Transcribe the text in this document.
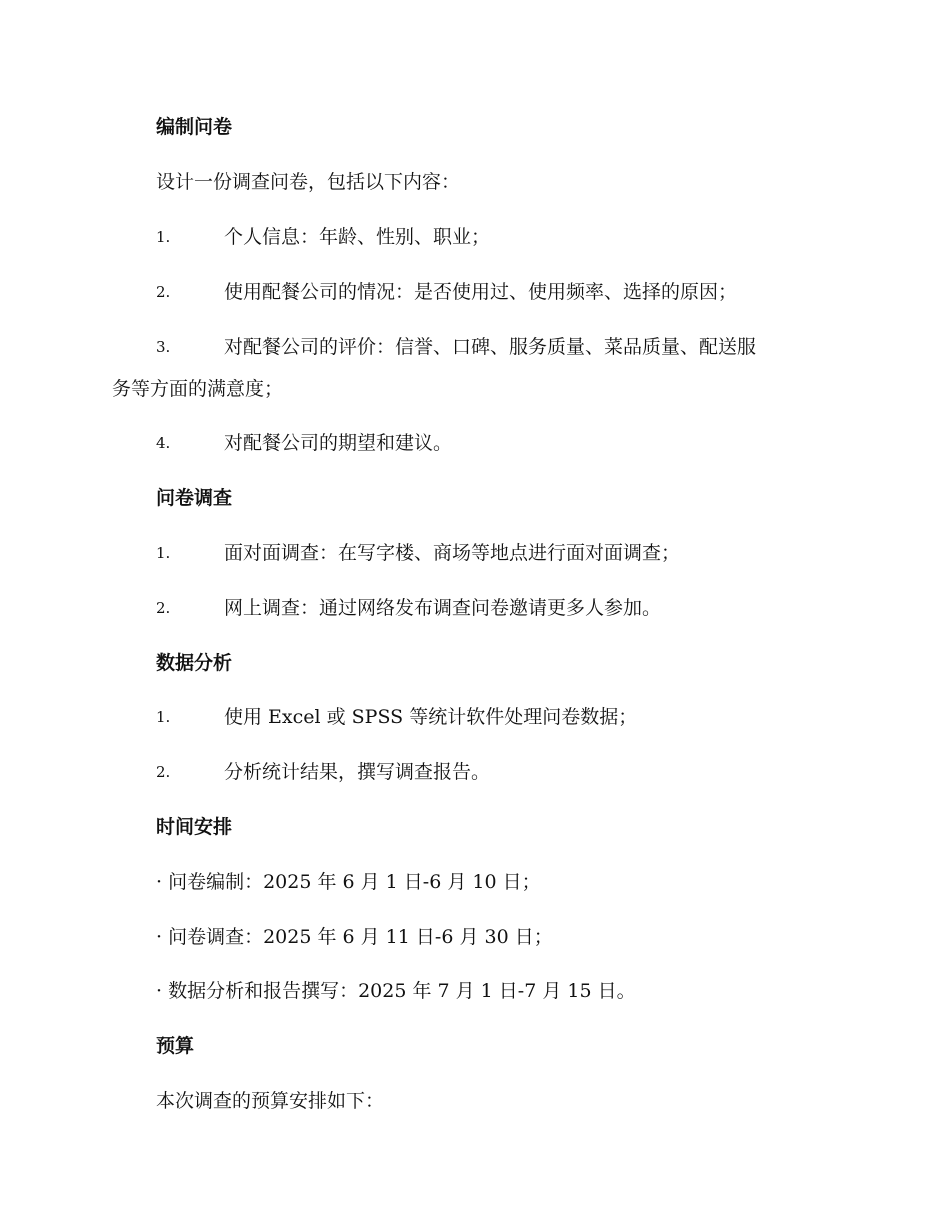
编制问卷
设计一份调查问卷，包括以下内容：
1.	个人信息：年龄、性别、职业；
2.	使用配餐公司的情况：是否使用过、使用频率、选择的原因；
3.	对配餐公司的评价：信誉、口碑、服务质量、菜品质量、配送服
务等方面的满意度；
4.	对配餐公司的期望和建议。
问卷调查
1.	面对面调查：在写字楼、商场等地点进行面对面调查；
2.	网上调查：通过网络发布调查问卷邀请更多人参加。
数据分析
1.	使用 Excel 或 SPSS 等统计软件处理问卷数据；
2.	分析统计结果，撰写调查报告。
时间安排
· 问卷编制：2025 年 6 月 1 日-6 月 10 日；
· 问卷调查：2025 年 6 月 11 日-6 月 30 日；
· 数据分析和报告撰写：2025 年 7 月 1 日-7 月 15 日。
预算
本次调查的预算安排如下：
